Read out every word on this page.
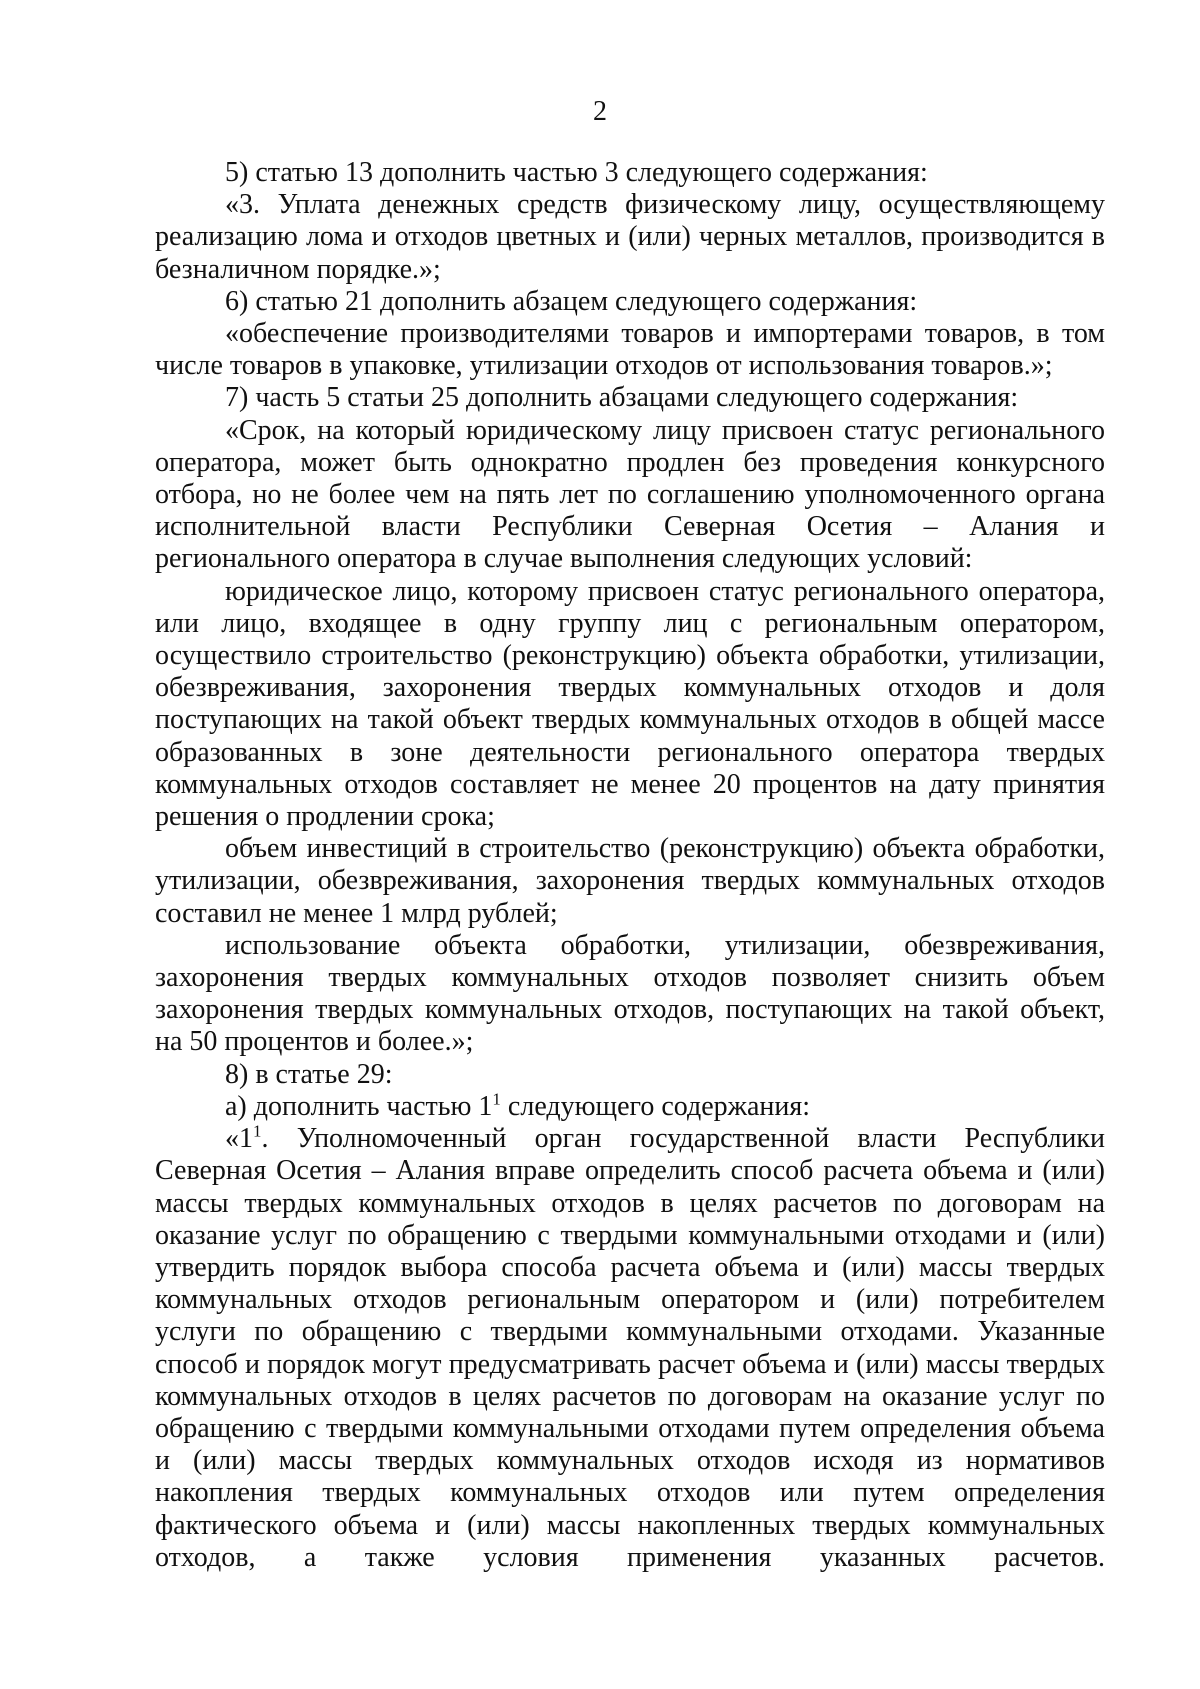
2

5) статью 13 дополнить частью 3 следующего содержания:

«3. Уплата денежных средств физическому лицу, осуществляющему реализацию лома и отходов цветных и (или) черных металлов, производится в безналичном порядке.»;

6) статью 21 дополнить абзацем следующего содержания:

«обеспечение производителями товаров и импортерами товаров, в том числе товаров в упаковке, утилизации отходов от использования товаров.»;

7) часть 5 статьи 25 дополнить абзацами следующего содержания:

«Срок, на который юридическому лицу присвоен статус регионального оператора, может быть однократно продлен без проведения конкурсного отбора, но не более чем на пять лет по соглашению уполномоченного органа исполнительной власти Республики Северная Осетия – Алания и регионального оператора в случае выполнения следующих условий:

юридическое лицо, которому присвоен статус регионального оператора, или лицо, входящее в одну группу лиц с региональным оператором, осуществило строительство (реконструкцию) объекта обработки, утилизации, обезвреживания, захоронения твердых коммунальных отходов и доля поступающих на такой объект твердых коммунальных отходов в общей массе образованных в зоне деятельности регионального оператора твердых коммунальных отходов составляет не менее 20 процентов на дату принятия решения о продлении срока;

объем инвестиций в строительство (реконструкцию) объекта обработки, утилизации, обезвреживания, захоронения твердых коммунальных отходов составил не менее 1 млрд рублей;

использование объекта обработки, утилизации, обезвреживания, захоронения твердых коммунальных отходов позволяет снизить объем захоронения твердых коммунальных отходов, поступающих на такой объект, на 50 процентов и более.»;

8) в статье 29:

а) дополнить частью $1^1$ следующего содержания:

«$1^1$. Уполномоченный орган государственной власти Республики Северная Осетия – Алания вправе определить способ расчета объема и (или) массы твердых коммунальных отходов в целях расчетов по договорам на оказание услуг по обращению с твердыми коммунальными отходами и (или) утвердить порядок выбора способа расчета объема и (или) массы твердых коммунальных отходов региональным оператором и (или) потребителем услуги по обращению с твердыми коммунальными отходами. Указанные способ и порядок могут предусматривать расчет объема и (или) массы твердых коммунальных отходов в целях расчетов по договорам на оказание услуг по обращению с твердыми коммунальными отходами путем определения объема и (или) массы твердых коммунальных отходов исходя из нормативов накопления твердых коммунальных отходов или путем определения фактического объема и (или) массы накопленных твердых коммунальных отходов, а также условия применения указанных расчетов.
